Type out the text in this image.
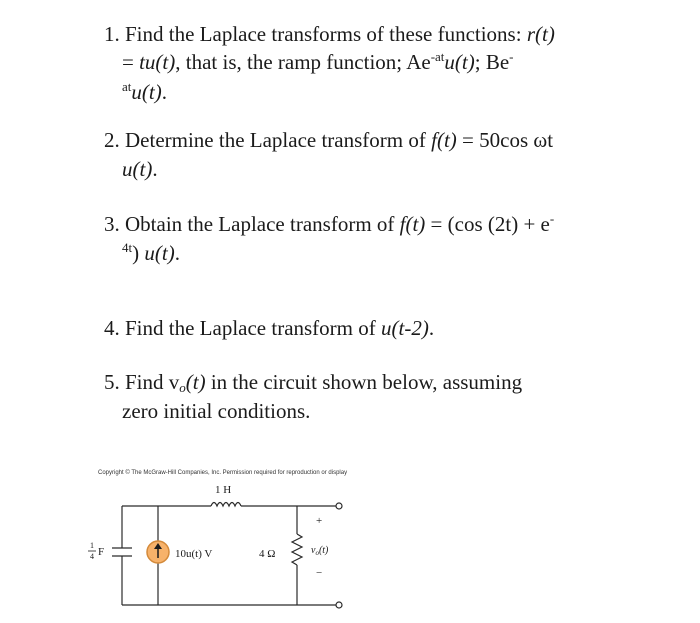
1. Find the Laplace transforms of these functions: r(t)
= tu(t), that is, the ramp function; $Ae^{-at}u(t)$; Be-
$^{at}$u(t).
2. Determine the Laplace transform of f(t) = 50cos ωt
u(t).
3. Obtain the Laplace transform of f(t) = (cos (2t) + e-
$^{4t}$) u(t).
4. Find the Laplace transform of u(t-2).
5. Find $v_o(t)$ in the circuit shown below, assuming
zero initial conditions.
Copyright © The McGraw-Hill Companies, Inc. Permission required for reproduction or display
1 H
1
4 F	10u(t) V	4 Ω
+
−
$v_o(t)$
